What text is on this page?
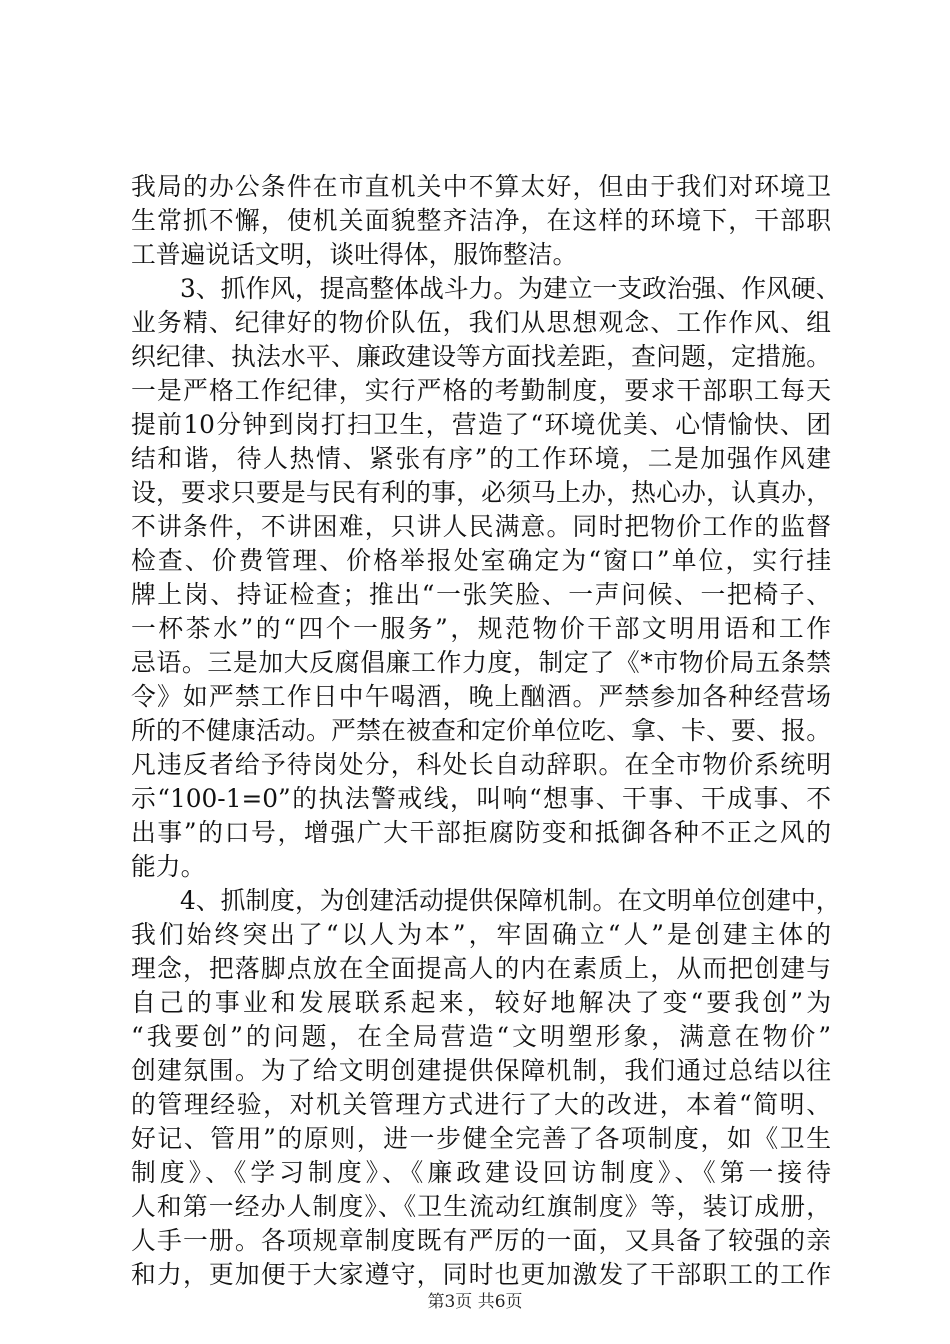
我局的办公条件在市直机关中不算太好，但由于我们对环境卫
生常抓不懈，使机关面貌整齐洁净，在这样的环境下，干部职
工普遍说话文明，谈吐得体，服饰整洁。
3、抓作风，提高整体战斗力。为建立一支政治强、作风硬、
业务精、纪律好的物价队伍，我们从思想观念、工作作风、组
织纪律、执法水平、廉政建设等方面找差距，查问题，定措施。
一是严格工作纪律，实行严格的考勤制度，要求干部职工每天
提前10分钟到岗打扫卫生，营造了“环境优美、心情愉快、团
结和谐，待人热情、紧张有序”的工作环境，二是加强作风建
设，要求只要是与民有利的事，必须马上办，热心办，认真办，
不讲条件，不讲困难，只讲人民满意。同时把物价工作的监督
检查、价费管理、价格举报处室确定为“窗口”单位，实行挂
牌上岗、持证检查；推出“一张笑脸、一声问候、一把椅子、
一杯茶水”的“四个一服务”，规范物价干部文明用语和工作
忌语。三是加大反腐倡廉工作力度，制定了《*市物价局五条禁
令》如严禁工作日中午喝酒，晚上酗酒。严禁参加各种经营场
所的不健康活动。严禁在被查和定价单位吃、拿、卡、要、报。
凡违反者给予待岗处分，科处长自动辞职。在全市物价系统明
示“100-1=0”的执法警戒线，叫响“想事、干事、干成事、不
出事”的口号，增强广大干部拒腐防变和抵御各种不正之风的
能力。
4、抓制度，为创建活动提供保障机制。在文明单位创建中，
我们始终突出了“以人为本”，牢固确立“人”是创建主体的
理念，把落脚点放在全面提高人的内在素质上，从而把创建与
自己的事业和发展联系起来，较好地解决了变“要我创”为
“我要创”的问题，在全局营造“文明塑形象，满意在物价”
创建氛围。为了给文明创建提供保障机制，我们通过总结以往
的管理经验，对机关管理方式进行了大的改进，本着“简明、
好记、管用”的原则，进一步健全完善了各项制度，如《卫生
制度》、《学习制度》、《廉政建设回访制度》、《第一接待
人和第一经办人制度》、《卫生流动红旗制度》等，装订成册，
人手一册。各项规章制度既有严厉的一面，又具备了较强的亲
和力，更加便于大家遵守，同时也更加激发了干部职工的工作
第3页 共6页
